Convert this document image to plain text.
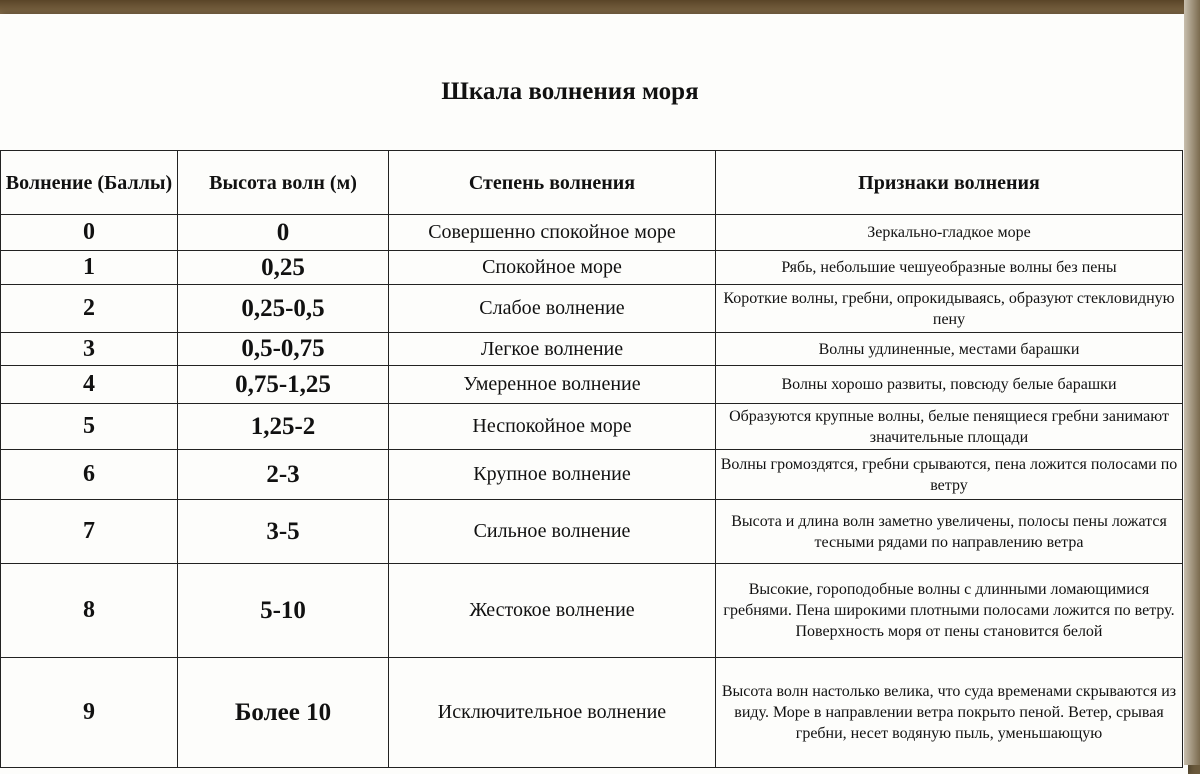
Шкала волнения моря
Волнение (Баллы)	Высота волн (м)	Степень волнения	Признаки волнения
0	0	Совершенно спокойное море	Зеркально-гладкое море
1	0,25	Спокойное море	Рябь, небольшие чешуеобразные волны без пены
2	0,25-0,5	Слабое волнение	Короткие волны, гребни, опрокидываясь, образуют стекловидную пену
3	0,5-0,75	Легкое волнение	Волны удлиненные, местами барашки
4	0,75-1,25	Умеренное волнение	Волны хорошо развиты, повсюду белые барашки
5	1,25-2	Неспокойное море	Образуются крупные волны, белые пенящиеся гребни занимают значительные площади
6	2-3	Крупное волнение	Волны громоздятся, гребни срываются, пена ложится полосами по ветру
7	3-5	Сильное волнение	Высота и длина волн заметно увеличены, полосы пены ложатся тесными рядами по направлению ветра
8	5-10	Жестокое волнение	Высокие, гороподобные волны с длинными ломающимися гребнями. Пена широкими плотными полосами ложится по ветру. Поверхность моря от пены становится белой
9	Более 10	Исключительное волнение	Высота волн настолько велика, что суда временами скрываются из виду. Море в направлении ветра покрыто пеной. Ветер, срывая гребни, несет водяную пыль, уменьшающую
